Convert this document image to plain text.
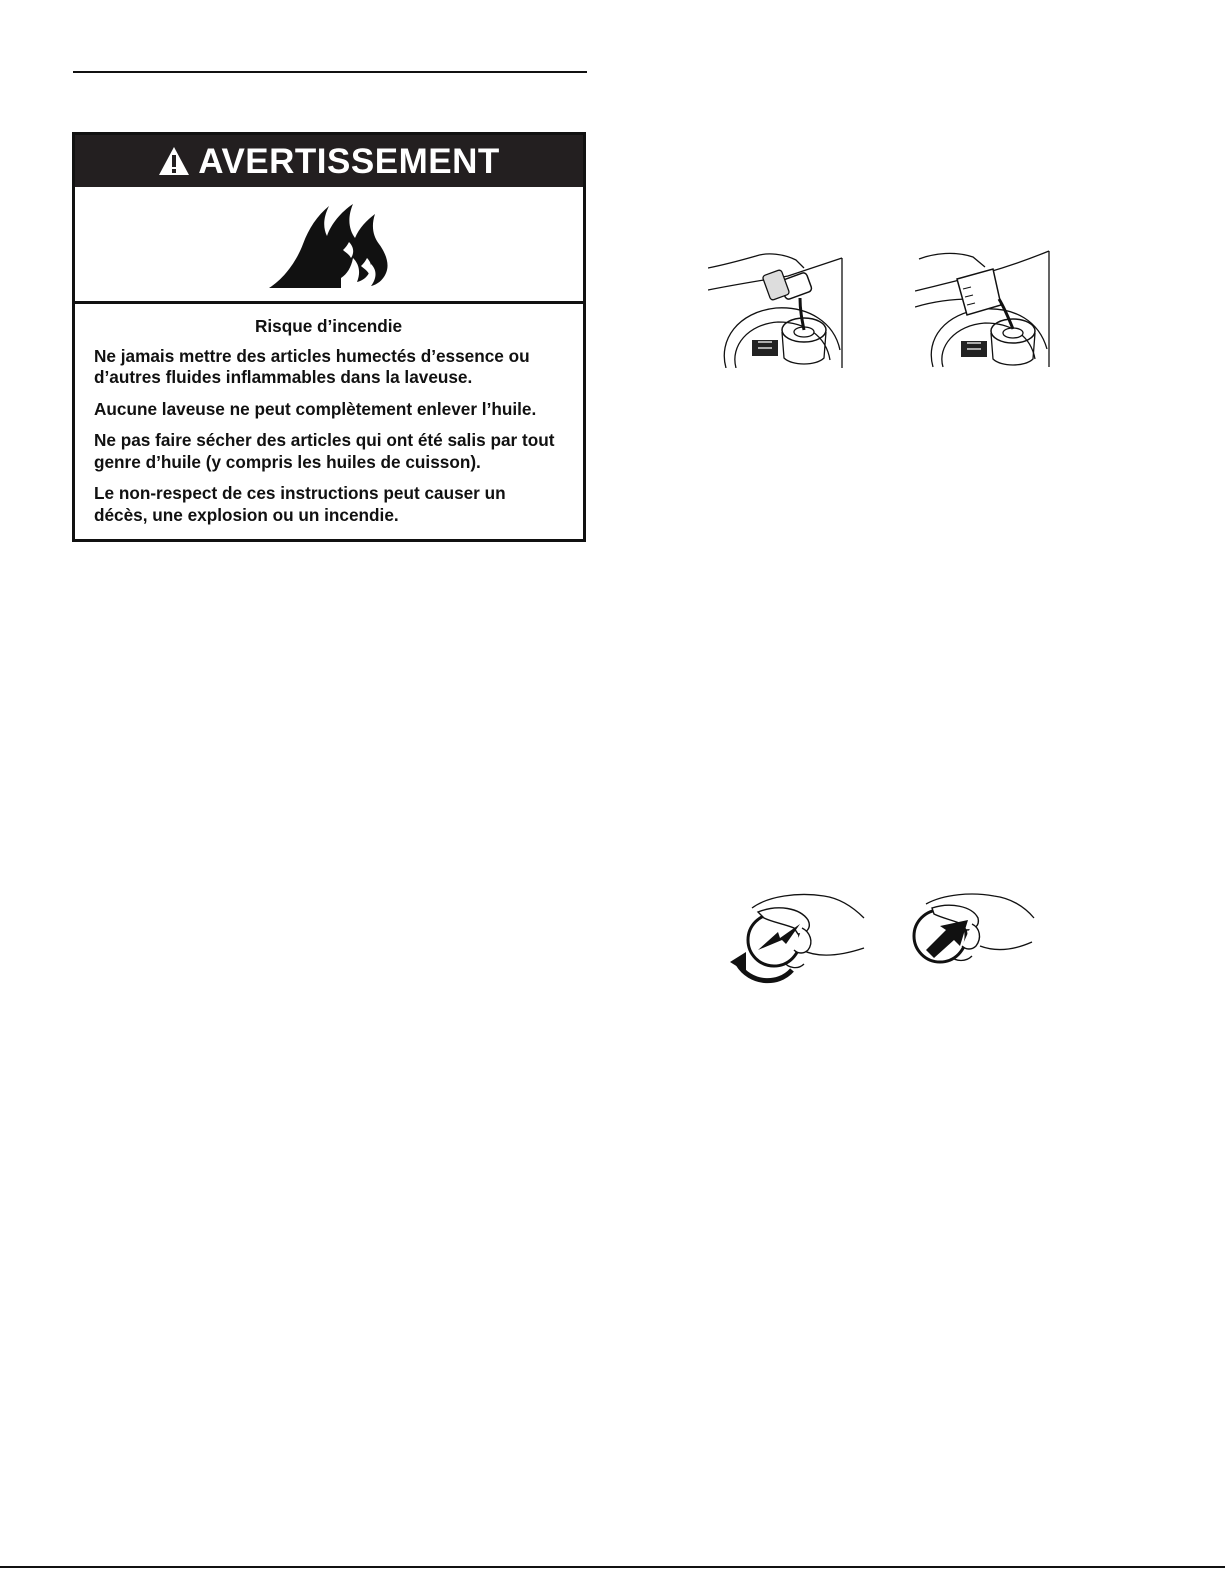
AVERTISSEMENT
Risque d’incendie

Ne jamais mettre des articles humectés d’essence ou d’autres fluides inflammables dans la laveuse.

Aucune laveuse ne peut complètement enlever l’huile.

Ne pas faire sécher des articles qui ont été salis par tout genre d’huile (y compris les huiles de cuisson).

Le non-respect de ces instructions peut causer un décès, une explosion ou un incendie.
